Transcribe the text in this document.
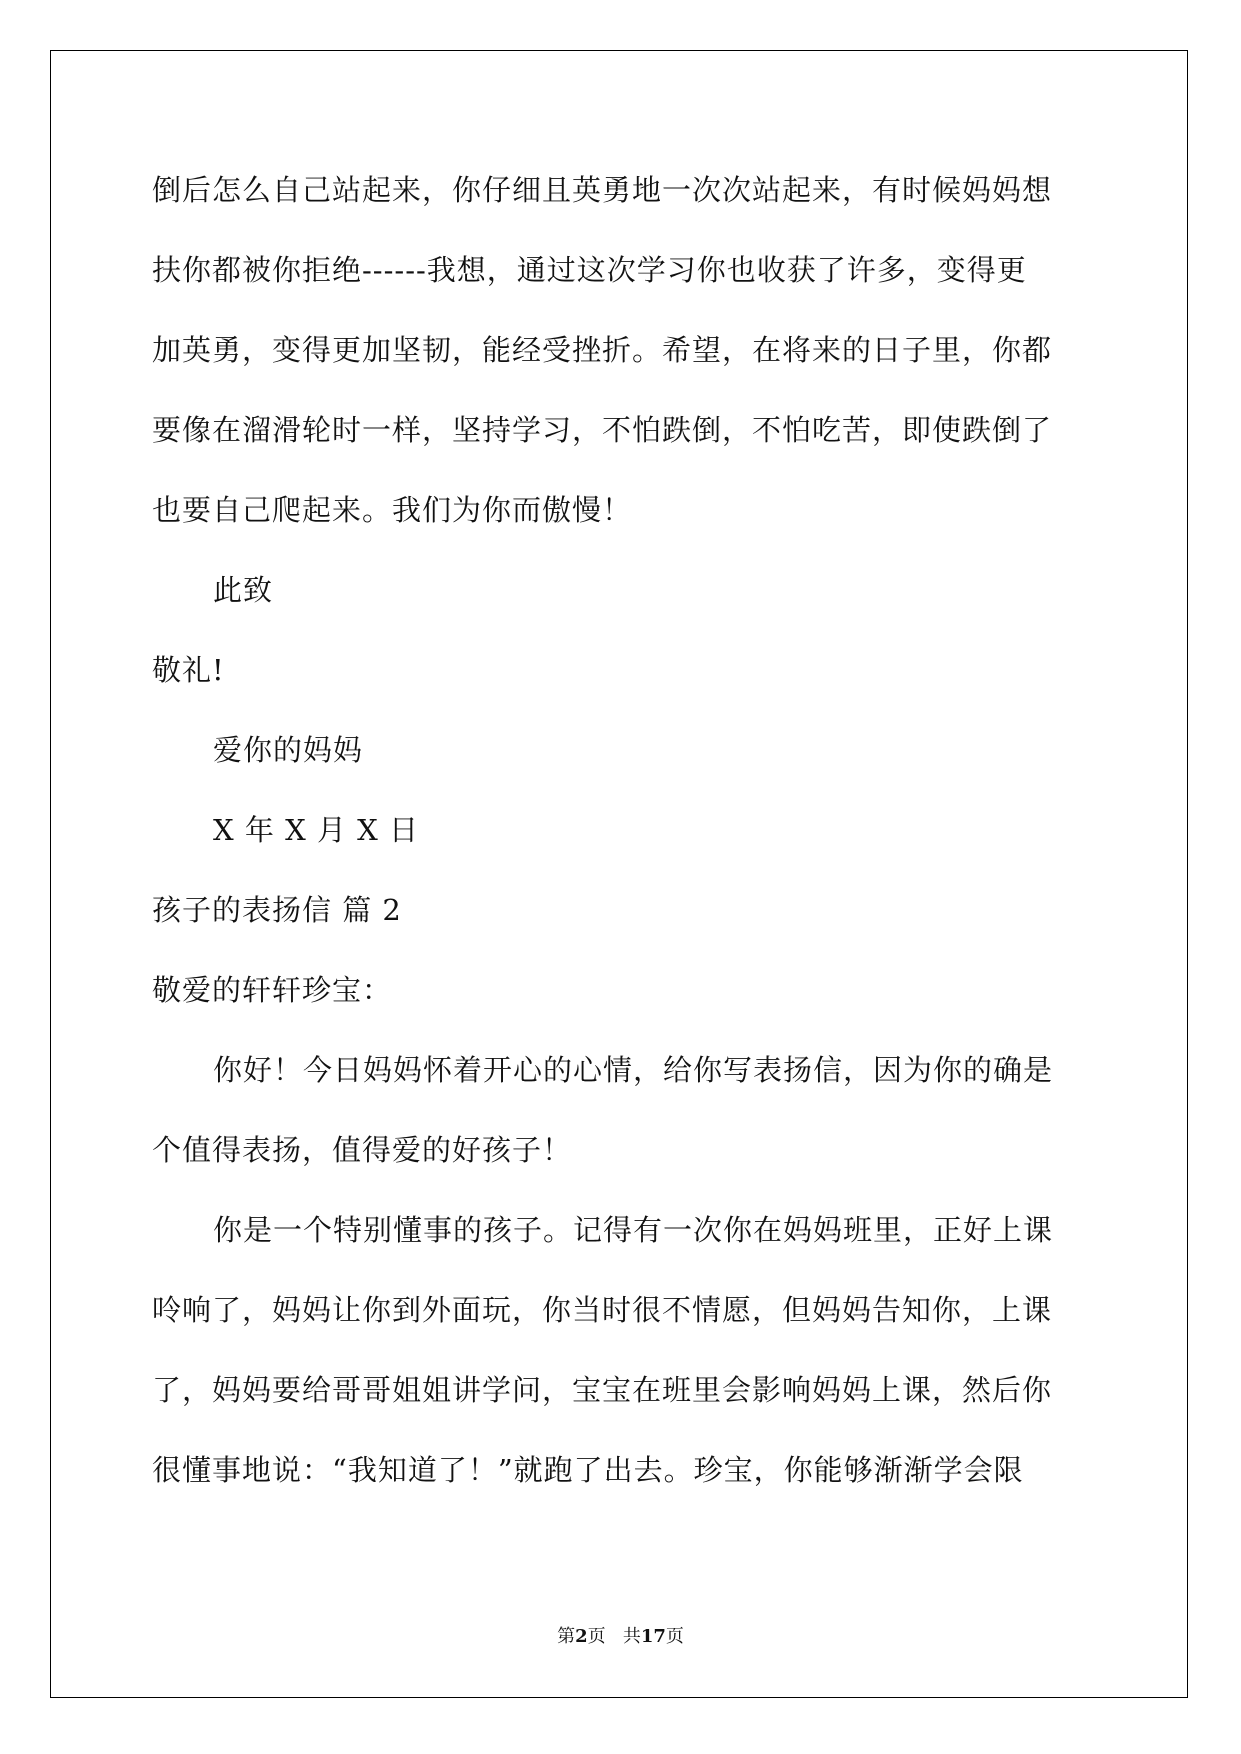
倒后怎么自己站起来，你仔细且英勇地一次次站起来，有时候妈妈想

扶你都被你拒绝------我想，通过这次学习你也收获了许多，变得更

加英勇，变得更加坚韧，能经受挫折。希望，在将来的日子里，你都

要像在溜滑轮时一样，坚持学习，不怕跌倒，不怕吃苦，即使跌倒了

也要自己爬起来。我们为你而傲慢！

此致

敬礼!

爱你的妈妈

X 年 X 月 X 日

孩子的表扬信 篇 2

敬爱的轩轩珍宝：

你好！今日妈妈怀着开心的心情，给你写表扬信，因为你的确是

个值得表扬，值得爱的好孩子！

你是一个特别懂事的孩子。记得有一次你在妈妈班里，正好上课

呤响了，妈妈让你到外面玩，你当时很不情愿，但妈妈告知你，上课

了，妈妈要给哥哥姐姐讲学问，宝宝在班里会影响妈妈上课，然后你

很懂事地说：“我知道了！”就跑了出去。珍宝，你能够渐渐学会限

第2页 共17页
